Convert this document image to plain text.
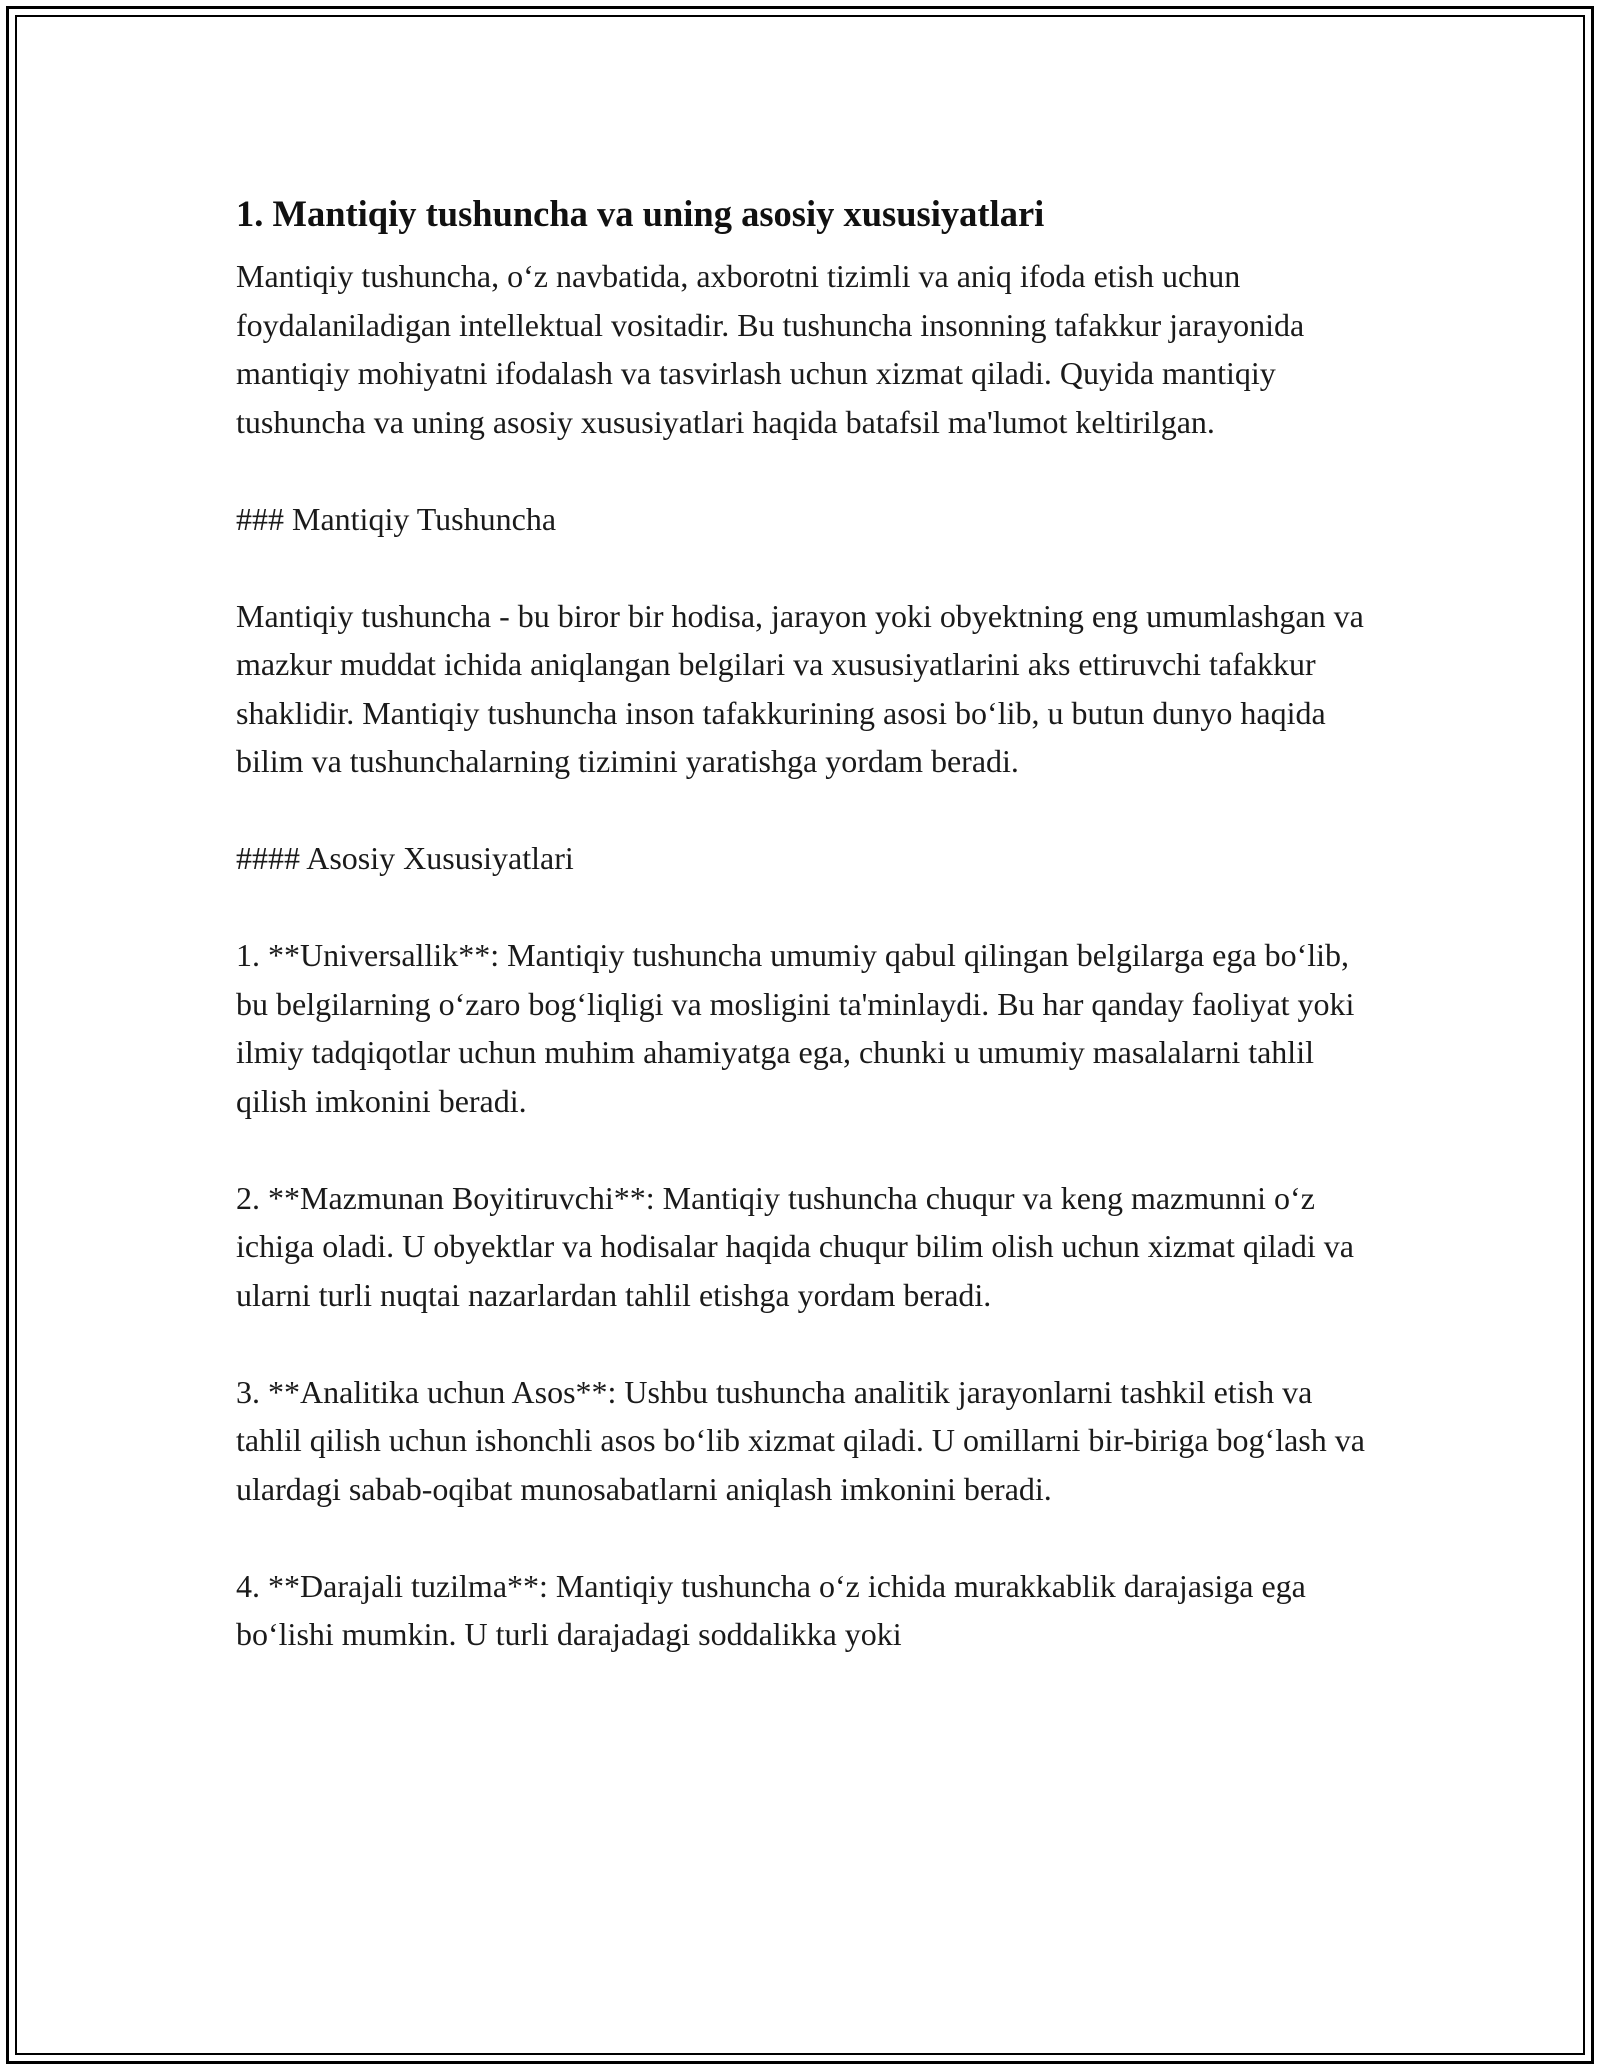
1. Mantiqiy tushuncha va uning asosiy xususiyatlari

Mantiqiy tushuncha, o‘z navbatida, axborotni tizimli va aniq ifoda etish uchun foydalaniladigan intellektual vositadir. Bu tushuncha insonning tafakkur jarayonida mantiqiy mohiyatni ifodalash va tasvirlash uchun xizmat qiladi. Quyida mantiqiy tushuncha va uning asosiy xususiyatlari haqida batafsil ma'lumot keltirilgan.

### Mantiqiy Tushuncha

Mantiqiy tushuncha - bu biror bir hodisa, jarayon yoki obyektning eng umumlashgan va mazkur muddat ichida aniqlangan belgilari va xususiyatlarini aks ettiruvchi tafakkur shaklidir. Mantiqiy tushuncha inson tafakkurining asosi bo‘lib, u butun dunyo haqida bilim va tushunchalarning tizimini yaratishga yordam beradi.

#### Asosiy Xususiyatlari

1. **Universallik**: Mantiqiy tushuncha umumiy qabul qilingan belgilarga ega bo‘lib, bu belgilarning o‘zaro bog‘liqligi va mosligini ta'minlaydi. Bu har qanday faoliyat yoki ilmiy tadqiqotlar uchun muhim ahamiyatga ega, chunki u umumiy masalalarni tahlil qilish imkonini beradi.

2. **Mazmunan Boyitiruvchi**: Mantiqiy tushuncha chuqur va keng mazmunni o‘z ichiga oladi. U obyektlar va hodisalar haqida chuqur bilim olish uchun xizmat qiladi va ularni turli nuqtai nazarlardan tahlil etishga yordam beradi.

3. **Analitika uchun Asos**: Ushbu tushuncha analitik jarayonlarni tashkil etish va tahlil qilish uchun ishonchli asos bo‘lib xizmat qiladi. U omillarni bir-biriga bog‘lash va ulardagi sabab-oqibat munosabatlarni aniqlash imkonini beradi.

4. **Darajali tuzilma**: Mantiqiy tushuncha o‘z ichida murakkablik darajasiga ega bo‘lishi mumkin. U turli darajadagi soddalikka yoki
